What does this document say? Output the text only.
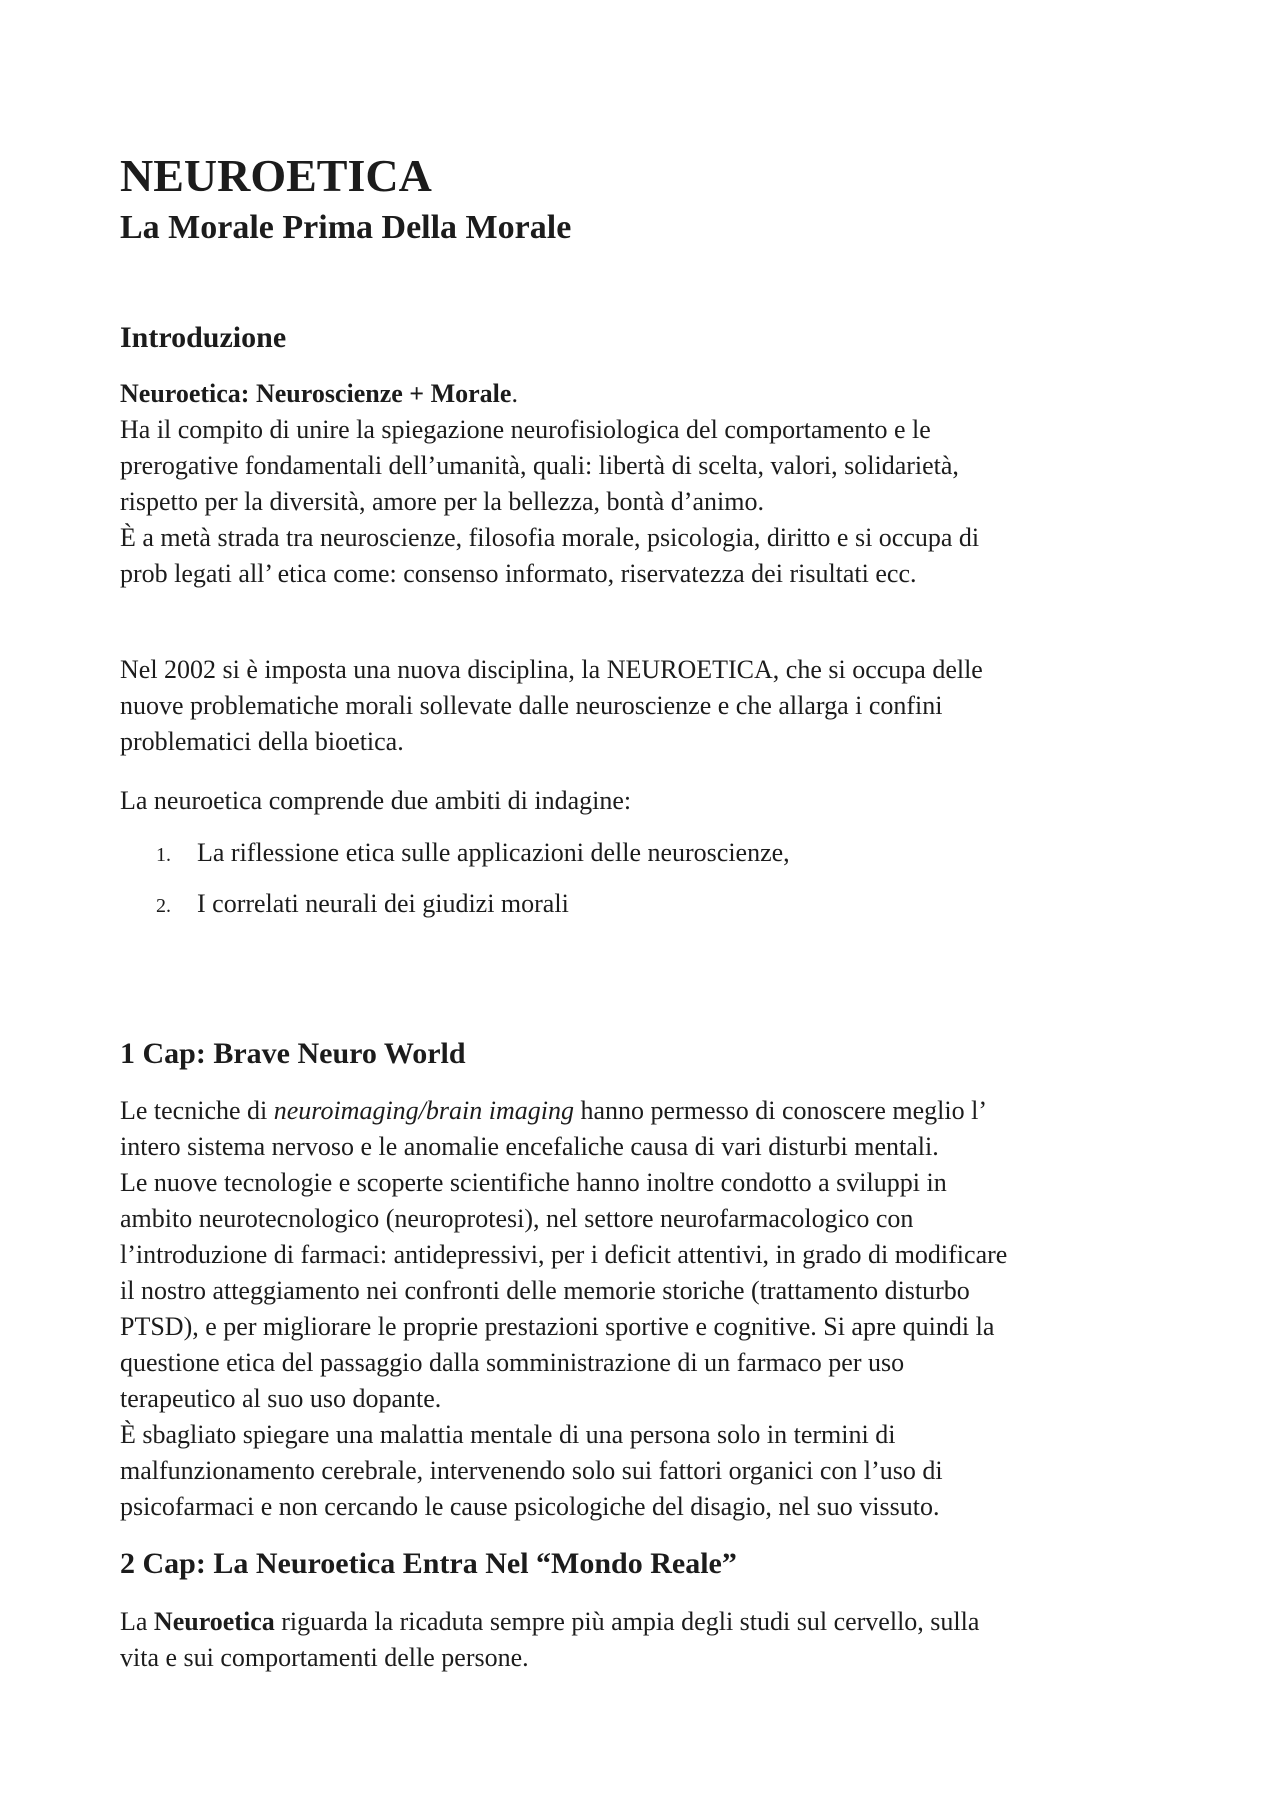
NEUROETICA
La Morale Prima Della Morale
Introduzione
Neuroetica: Neuroscienze + Morale.
Ha il compito di unire la spiegazione neurofisiologica del comportamento e le
prerogative fondamentali dell’umanità, quali: libertà di scelta, valori, solidarietà,
rispetto per la diversità, amore per la bellezza, bontà d’animo.
È a metà strada tra neuroscienze, filosofia morale, psicologia, diritto e si occupa di
prob legati all’ etica come: consenso informato, riservatezza dei risultati ecc.
Nel 2002 si è imposta una nuova disciplina, la NEUROETICA, che si occupa delle
nuove problematiche morali sollevate dalle neuroscienze e che allarga i confini
problematici della bioetica.
La neuroetica comprende due ambiti di indagine:
1. La riflessione etica sulle applicazioni delle neuroscienze,
2. I correlati neurali dei giudizi morali
1 Cap: Brave Neuro World
Le tecniche di neuroimaging/brain imaging hanno permesso di conoscere meglio l’
intero sistema nervoso e le anomalie encefaliche causa di vari disturbi mentali.
Le nuove tecnologie e scoperte scientifiche hanno inoltre condotto a sviluppi in
ambito neurotecnologico (neuroprotesi), nel settore neurofarmacologico con
l’introduzione di farmaci: antidepressivi, per i deficit attentivi, in grado di modificare
il nostro atteggiamento nei confronti delle memorie storiche (trattamento disturbo
PTSD), e per migliorare le proprie prestazioni sportive e cognitive. Si apre quindi la
questione etica del passaggio dalla somministrazione di un farmaco per uso
terapeutico al suo uso dopante.
È sbagliato spiegare una malattia mentale di una persona solo in termini di
malfunzionamento cerebrale, intervenendo solo sui fattori organici con l’uso di
psicofarmaci e non cercando le cause psicologiche del disagio, nel suo vissuto.
2 Cap: La Neuroetica Entra Nel “Mondo Reale”
La Neuroetica riguarda la ricaduta sempre più ampia degli studi sul cervello, sulla
vita e sui comportamenti delle persone.
